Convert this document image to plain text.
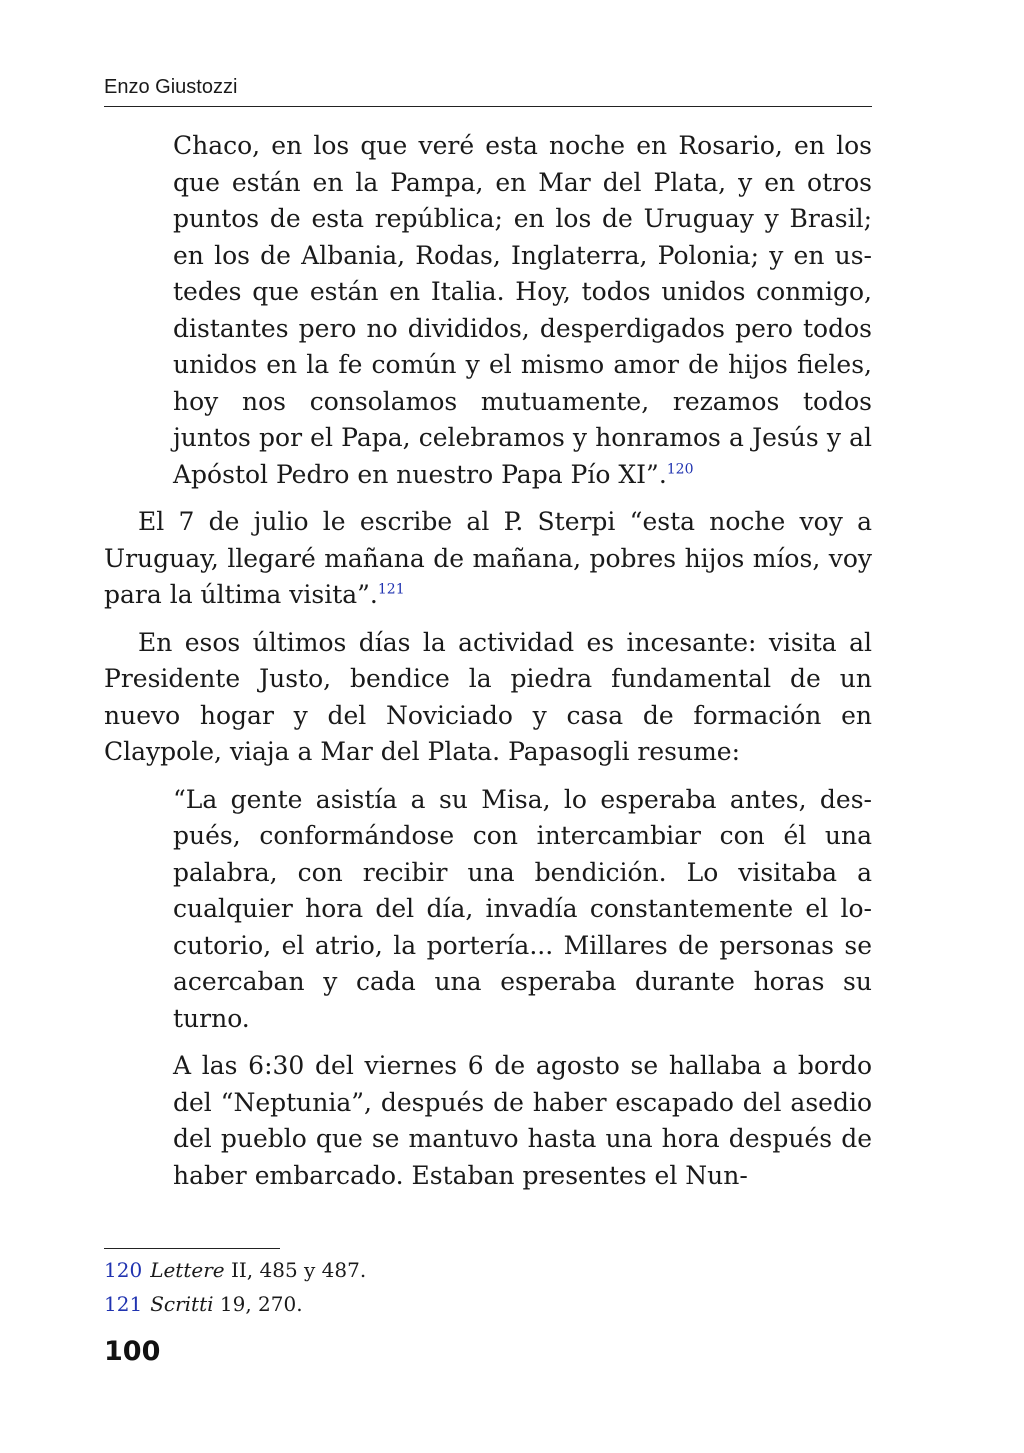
Enzo Giustozzi

Chaco, en los que veré esta noche en Rosario, en los que están en la Pampa, en Mar del Plata, y en otros puntos de esta república; en los de Uruguay y Brasil; en los de Albania, Rodas, Inglaterra, Polonia; y en ustedes que están en Italia. Hoy, todos unidos conmigo, distantes pero no divididos, desperdigados pero todos unidos en la fe común y el mismo amor de hijos fieles, hoy nos consolamos mutuamente, rezamos todos juntos por el Papa, celebramos y honramos a Jesús y al Apóstol Pedro en nuestro Papa Pío XI”.$^{120}$

El 7 de julio le escribe al P. Sterpi “esta noche voy a Uruguay, llegaré mañana de mañana, pobres hijos míos, voy para la última visita”.$^{121}$

En esos últimos días la actividad es incesante: visita al Presidente Justo, bendice la piedra fundamental de un nuevo hogar y del Noviciado y casa de formación en Claypole, viaja a Mar del Plata. Papasogli resume:

“La gente asistía a su Misa, lo esperaba antes, después, conformándose con intercambiar con él una palabra, con recibir una bendición. Lo visitaba a cualquier hora del día, invadía constantemente el locutorio, el atrio, la portería... Millares de personas se acercaban y cada una esperaba durante horas su turno.

A las 6:30 del viernes 6 de agosto se hallaba a bordo del “Neptunia”, después de haber escapado del asedio del pueblo que se mantuvo hasta una hora después de haber embarcado. Estaban presentes el Nun-

120 Lettere II, 485 y 487.
121 Scritti 19, 270.
100
